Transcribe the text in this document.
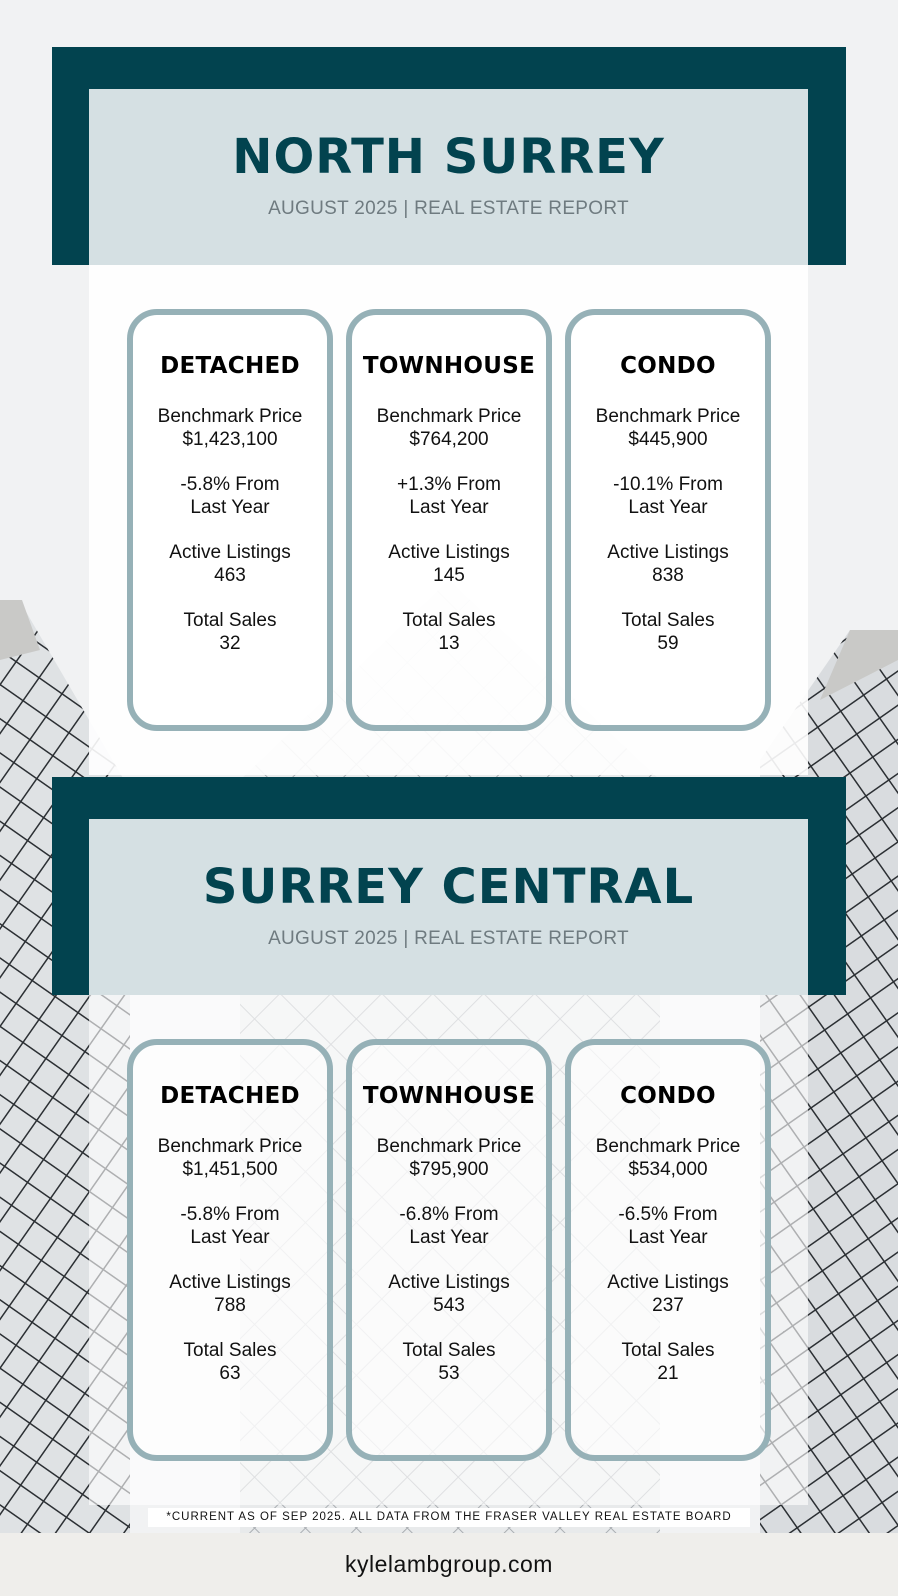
NORTH SURREY
AUGUST 2025 | REAL ESTATE REPORT
DETACHED
Benchmark Price
$1,423,100
-5.8% From
Last Year
Active Listings
463
Total Sales
32
TOWNHOUSE
Benchmark Price
$764,200
+1.3% From
Last Year
Active Listings
145
Total Sales
13
CONDO
Benchmark Price
$445,900
-10.1% From
Last Year
Active Listings
838
Total Sales
59
SURREY CENTRAL
AUGUST 2025 | REAL ESTATE REPORT
DETACHED
Benchmark Price
$1,451,500
-5.8% From
Last Year
Active Listings
788
Total Sales
63
TOWNHOUSE
Benchmark Price
$795,900
-6.8% From
Last Year
Active Listings
543
Total Sales
53
CONDO
Benchmark Price
$534,000
-6.5% From
Last Year
Active Listings
237
Total Sales
21
*CURRENT AS OF SEP 2025. ALL DATA FROM THE FRASER VALLEY REAL ESTATE BOARD
kylelambgroup.com
